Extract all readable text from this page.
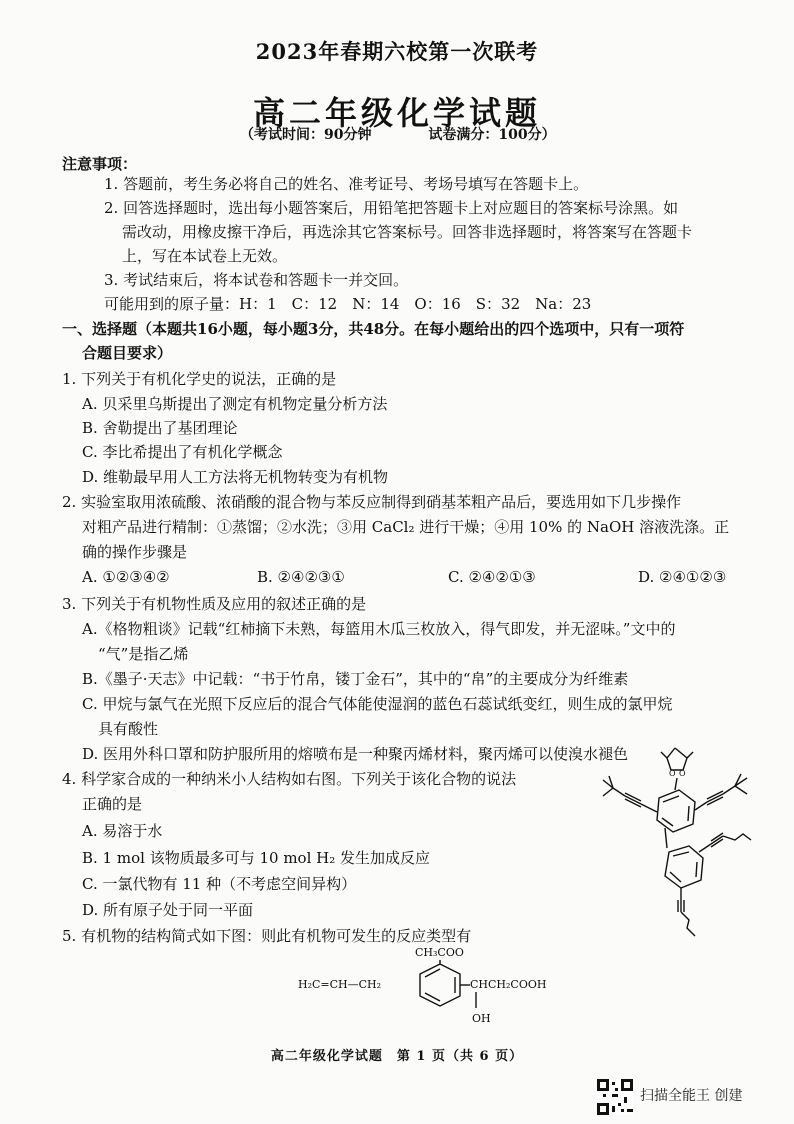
2023年春期六校第一次联考
高二年级化学试题
（考试时间：90分钟	试卷满分：100分）
注意事项：
1. 答题前，考生务必将自己的姓名、准考证号、考场号填写在答题卡上。
2. 回答选择题时，选出每小题答案后，用铅笔把答题卡上对应题目的答案标号涂黑。如
需改动，用橡皮擦干净后，再选涂其它答案标号。回答非选择题时，将答案写在答题卡
上，写在本试卷上无效。
3. 考试结束后，将本试卷和答题卡一并交回。
可能用到的原子量：H：1　C：12　N：14　O：16　S：32　Na：23
一、选择题（本题共16小题，每小题3分，共48分。在每小题给出的四个选项中，只有一项符
合题目要求）
1. 下列关于有机化学史的说法，正确的是
A. 贝采里乌斯提出了测定有机物定量分析方法
B. 舍勒提出了基团理论
C. 李比希提出了有机化学概念
D. 维勒最早用人工方法将无机物转变为有机物
2. 实验室取用浓硫酸、浓硝酸的混合物与苯反应制得到硝基苯粗产品后，要选用如下几步操作
对粗产品进行精制：①蒸馏；②水洗；③用 CaCl₂ 进行干燥；④用 10% 的 NaOH 溶液洗涤。正
确的操作步骤是
A. ①②③④②	B. ②④②③①	C. ②④②①③	D. ②④①②③
3. 下列关于有机物性质及应用的叙述正确的是
A.《格物粗谈》记载“红柿摘下未熟，每篮用木瓜三枚放入，得气即发，并无涩味。”文中的
“气”是指乙烯
B.《墨子·天志》中记载：“书于竹帛，镂丁金石”，其中的“帛”的主要成分为纤维素
C. 甲烷与氯气在光照下反应后的混合气体能使湿润的蓝色石蕊试纸变红，则生成的氯甲烷
具有酸性
D. 医用外科口罩和防护服所用的熔喷布是一种聚丙烯材料，聚丙烯可以使溴水褪色
4. 科学家合成的一种纳米小人结构如右图。下列关于该化合物的说法
正确的是
A. 易溶于水
B. 1 mol 该物质最多可与 10 mol H₂ 发生加成反应
C. 一氯代物有 11 种（不考虑空间异构）
D. 所有原子处于同一平面
O O
5. 有机物的结构简式如下图：则此有机物可发生的反应类型有
CH₃COO
H₂C=CH—CH₂	CHCH₂COOH
OH
高二年级化学试题　第 1 页（共 6 页）
扫描全能王 创建
